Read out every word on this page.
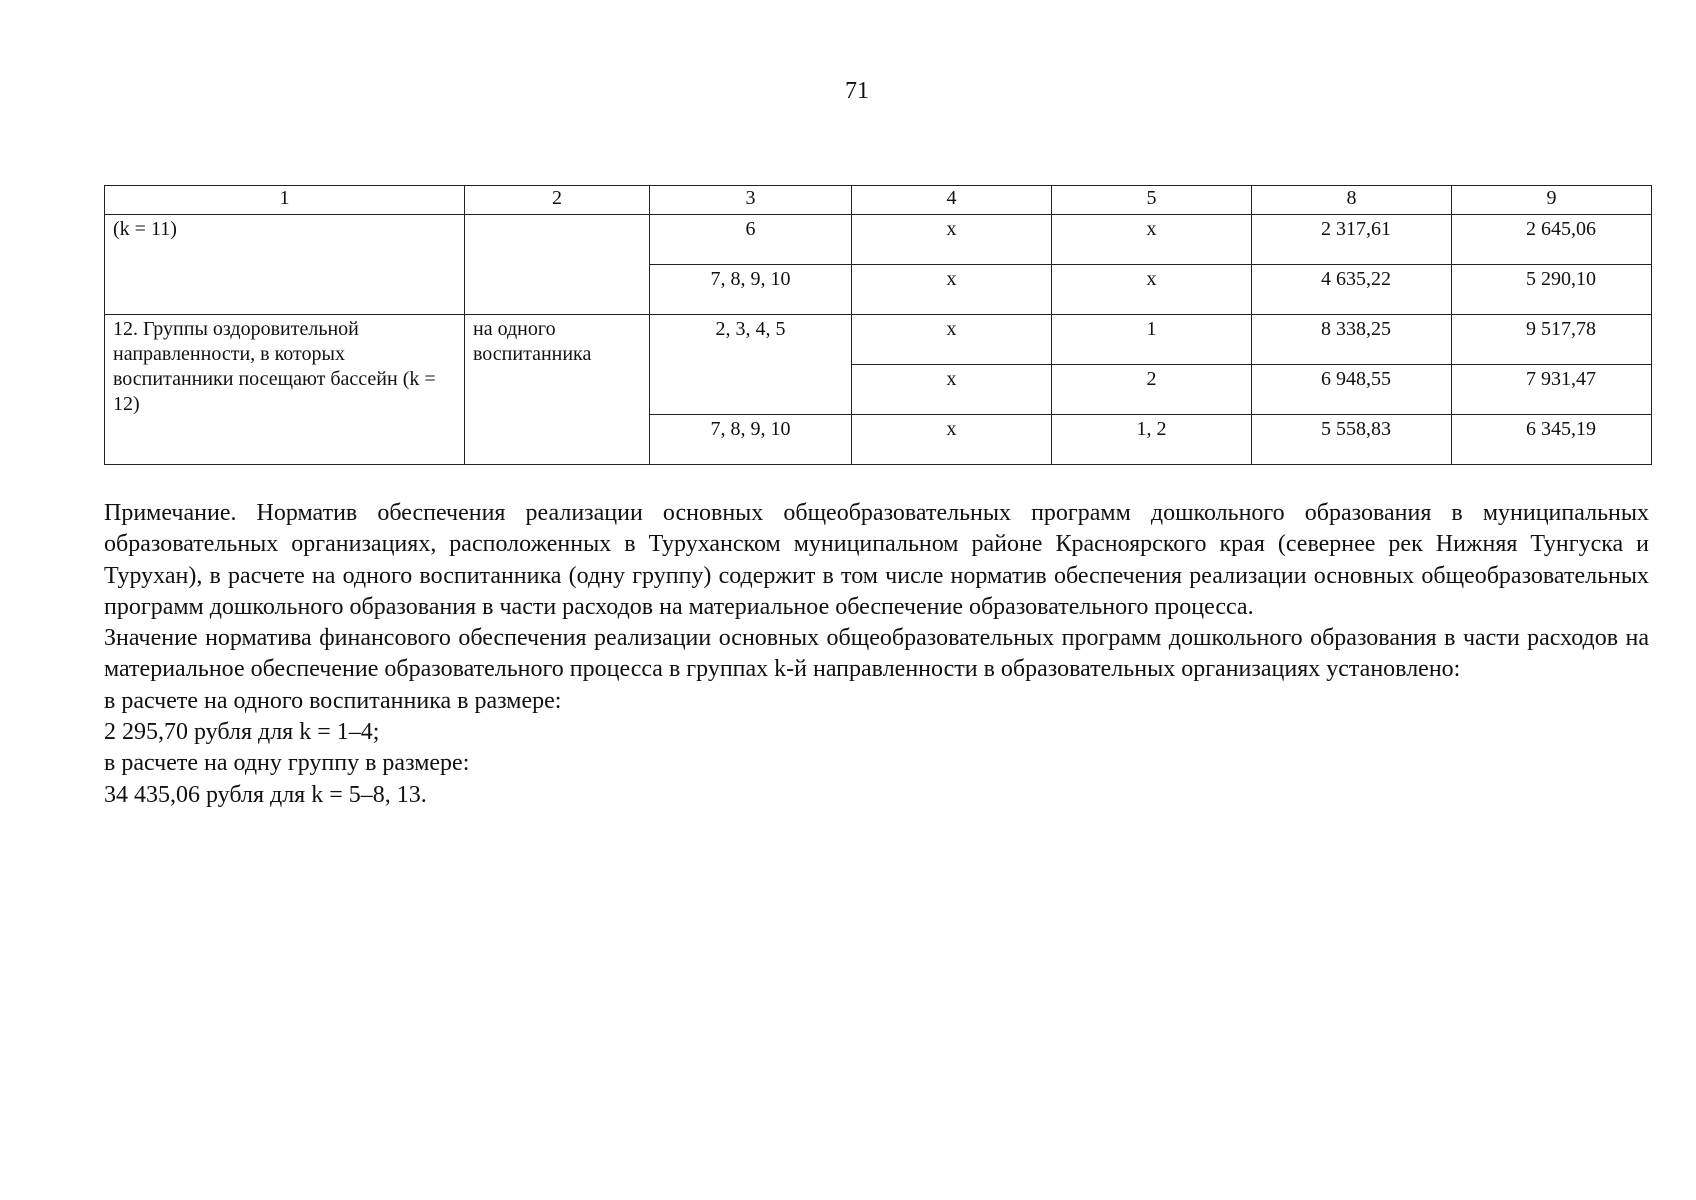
71
1	2	3	4	5	8	9
(k = 11)		6	x	x	2 317,61	2 645,06
		7, 8, 9, 10	x	x	4 635,22	5 290,10
12. Группы оздоровительной направленности, в которых воспитанники посещают бассейн (k = 12)	на одного воспитанника	2, 3, 4, 5	x	1	8 338,25	9 517,78
			x	2	6 948,55	7 931,47
		7, 8, 9, 10	x	1, 2	5 558,83	6 345,19

Примечание. Норматив обеспечения реализации основных общеобразовательных программ дошкольного образования в муниципальных образовательных организациях, расположенных в Туруханском муниципальном районе Красноярского края (севернее рек Нижняя Тунгуска и Турухан), в расчете на одного воспитанника (одну группу) содержит в том числе норматив обеспечения реализации основных общеобразовательных программ дошкольного образования в части расходов на материальное обеспечение образовательного процесса.

Значение норматива финансового обеспечения реализации основных общеобразовательных программ дошкольного образования в части расходов на материальное обеспечение образовательного процесса в группах k-й направленности в образовательных организациях установлено:

в расчете на одного воспитанника в размере:

2 295,70 рубля для k = 1–4;

в расчете на одну группу в размере:

34 435,06 рубля для k = 5–8, 13.
